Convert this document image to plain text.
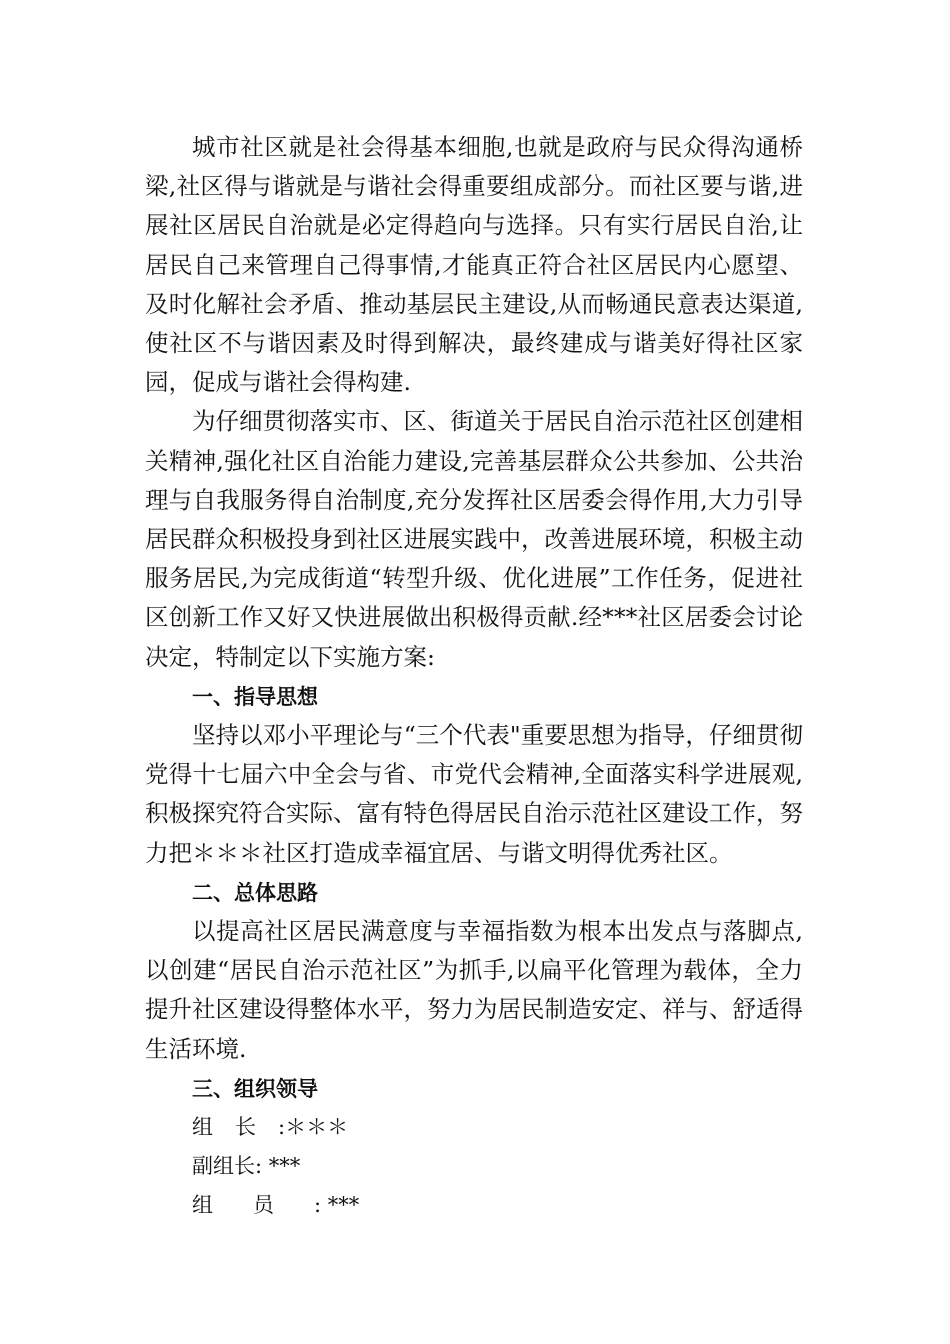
城市社区就是社会得基本细胞,也就是政府与民众得沟通桥梁,社区得与谐就是与谐社会得重要组成部分。而社区要与谐,进展社区居民自治就是必定得趋向与选择。只有实行居民自治,让居民自己来管理自己得事情,才能真正符合社区居民内心愿望、及时化解社会矛盾、推动基层民主建设,从而畅通民意表达渠道,使社区不与谐因素及时得到解决，最终建成与谐美好得社区家园，促成与谐社会得构建.

为仔细贯彻落实市、区、街道关于居民自治示范社区创建相关精神,强化社区自治能力建设,完善基层群众公共参加、公共治理与自我服务得自治制度,充分发挥社区居委会得作用,大力引导居民群众积极投身到社区进展实践中，改善进展环境，积极主动服务居民,为完成街道“转型升级、优化进展”工作任务，促进社区创新工作又好又快进展做出积极得贡献.经***社区居委会讨论决定，特制定以下实施方案:

一、指导思想

坚持以邓小平理论与“三个代表"重要思想为指导，仔细贯彻党得十七届六中全会与省、市党代会精神,全面落实科学进展观,积极探究符合实际、富有特色得居民自治示范社区建设工作，努力把＊＊＊社区打造成幸福宜居、与谐文明得优秀社区。

二、总体思路

以提高社区居民满意度与幸福指数为根本出发点与落脚点,以创建“居民自治示范社区”为抓手,以扁平化管理为载体，全力提升社区建设得整体水平，努力为居民制造安定、祥与、舒适得生活环境.

三、组织领导

组长:＊＊＊

副组长: ***

组员: ***
